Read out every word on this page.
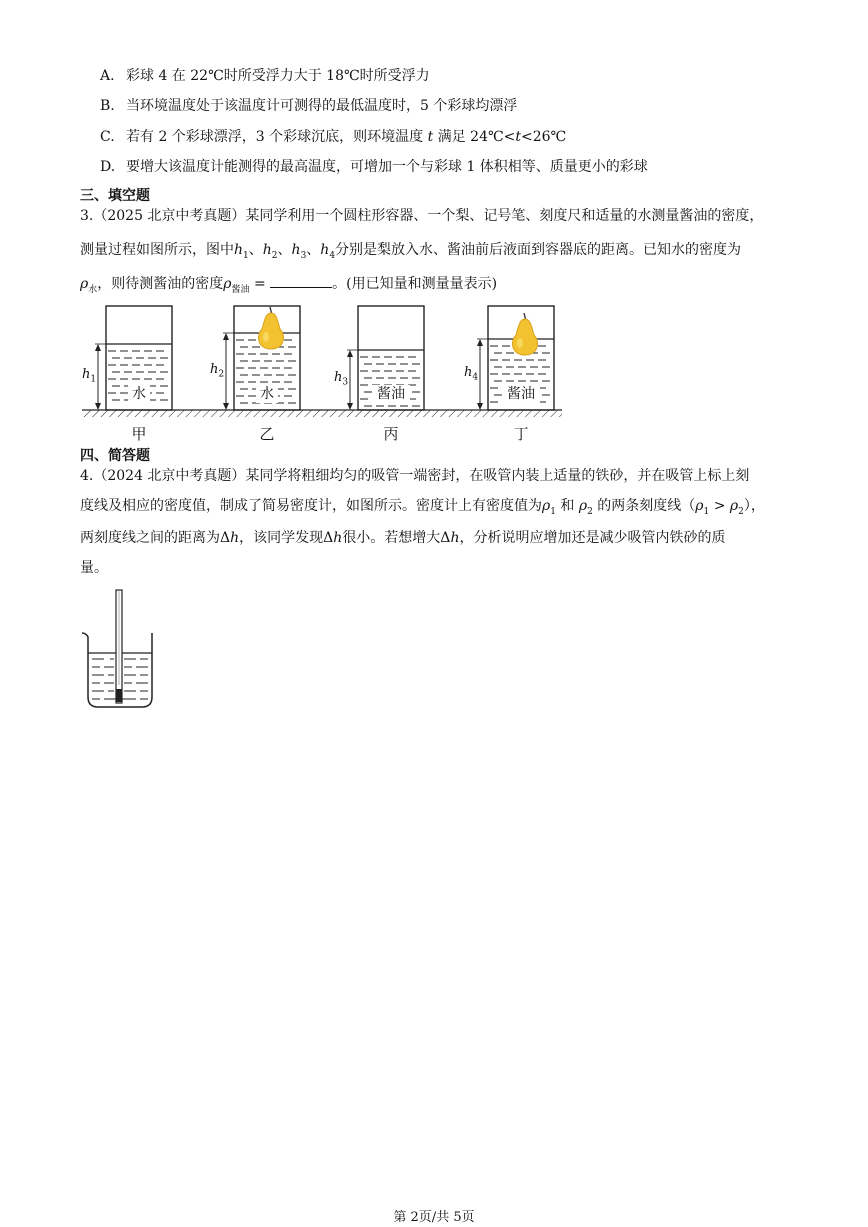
A. 彩球 4 在 22℃时所受浮力大于 18℃时所受浮力
B. 当环境温度处于该温度计可测得的最低温度时，5 个彩球均漂浮
C. 若有 2 个彩球漂浮，3 个彩球沉底，则环境温度 t 满足 24℃<t<26℃
D. 要增大该温度计能测得的最高温度，可增加一个与彩球 1 体积相等、质量更小的彩球
三、填空题
3.（2025 北京中考真题）某同学利用一个圆柱形容器、一个梨、记号笔、刻度尺和适量的水测量酱油的密度，
测量过程如图所示，图中$h_1$、$h_2$、$h_3$、$h_4$分别是梨放入水、酱油前后液面到容器底的距离。已知水的密度为
$\rho_水$，则待测酱油的密度$\rho_{酱油}$ =	。(用已知量和测量量表示)
水
甲
$h_1$
水
乙
$h_2$
酱油
丙
$h_3$
酱油
丁
$h_4$
四、简答题
4.（2024 北京中考真题）某同学将粗细均匀的吸管一端密封，在吸管内装上适量的铁砂，并在吸管上标上刻
度线及相应的密度值，制成了简易密度计，如图所示。密度计上有密度值为$\rho_1$ 和 $\rho_2$ 的两条刻度线$(\rho_1 > \rho_2)$，
两刻度线之间的距离为Δh，该同学发现Δh很小。若想增大Δh，分析说明应增加还是减少吸管内铁砂的质
量。
第 2页/共 5页
